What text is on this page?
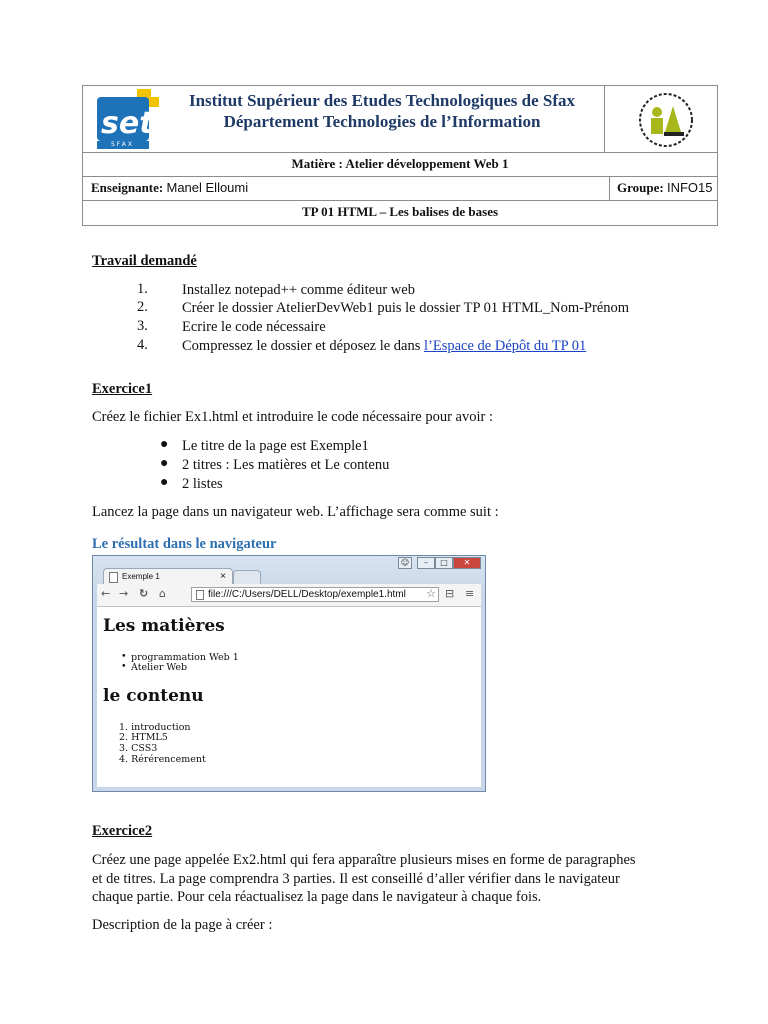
set
SFAX
Institut Supérieur des Etudes Technologiques de Sfax
Département Technologies de l’Information
Matière : Atelier développement Web 1
Enseignante: Manel Elloumi	Groupe: INFO15
TP 01 HTML – Les balises de bases
Travail demandé
1. Installez notepad++ comme éditeur web
2. Créer le dossier AtelierDevWeb1 puis le dossier TP 01 HTML_Nom-Prénom
3. Ecrire le code nécessaire
4. Compressez le dossier et déposez le dans l’Espace de Dépôt du TP 01
Exercice1
Créez le fichier Ex1.html et introduire le code nécessaire pour avoir :
● Le titre de la page est Exemple1
● 2 titres : Les matières et Le contenu
● 2 listes
Lancez la page dans un navigateur web. L’affichage sera comme suit :
Le résultat dans le navigateur
☺	–	□	✕
Exemple 1	×
← → ↻ ⌂	file:///C:/Users/DELL/Desktop/exemple1.html ☆ ⊟ ≡
Les matières
• programmation Web 1
• Atelier Web
le contenu
1. introduction
2. HTML5
3. CSS3
4. Rérérencement
Exercice2
Créez une page appelée Ex2.html qui fera apparaître plusieurs mises en forme de paragraphes
et de titres. La page comprendra 3 parties. Il est conseillé d’aller vérifier dans le navigateur
chaque partie. Pour cela réactualisez la page dans le navigateur à chaque fois.
Description de la page à créer :
